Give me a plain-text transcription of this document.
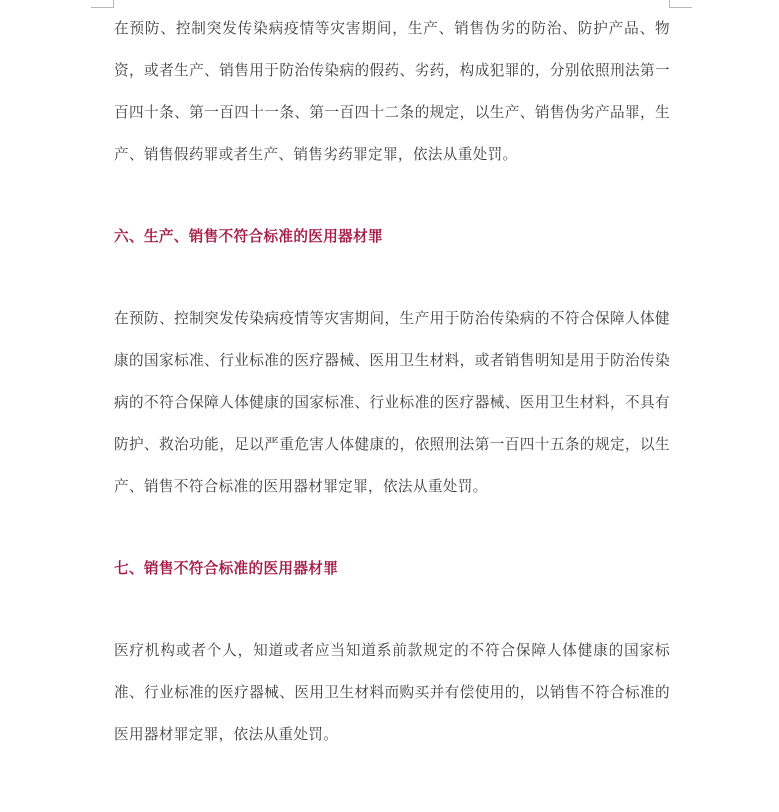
在预防、控制突发传染病疫情等灾害期间，生产、销售伪劣的防治、防护产品、物资，或者生产、销售用于防治传染病的假药、劣药，构成犯罪的，分别依照刑法第一百四十条、第一百四十一条、第一百四十二条的规定，以生产、销售伪劣产品罪，生产、销售假药罪或者生产、销售劣药罪定罪，依法从重处罚。

六、生产、销售不符合标准的医用器材罪

在预防、控制突发传染病疫情等灾害期间，生产用于防治传染病的不符合保障人体健康的国家标准、行业标准的医疗器械、医用卫生材料，或者销售明知是用于防治传染病的不符合保障人体健康的国家标准、行业标准的医疗器械、医用卫生材料，不具有防护、救治功能，足以严重危害人体健康的，依照刑法第一百四十五条的规定，以生产、销售不符合标准的医用器材罪定罪，依法从重处罚。

七、销售不符合标准的医用器材罪

医疗机构或者个人，知道或者应当知道系前款规定的不符合保障人体健康的国家标准、行业标准的医疗器械、医用卫生材料而购买并有偿使用的，以销售不符合标准的医用器材罪定罪，依法从重处罚。
